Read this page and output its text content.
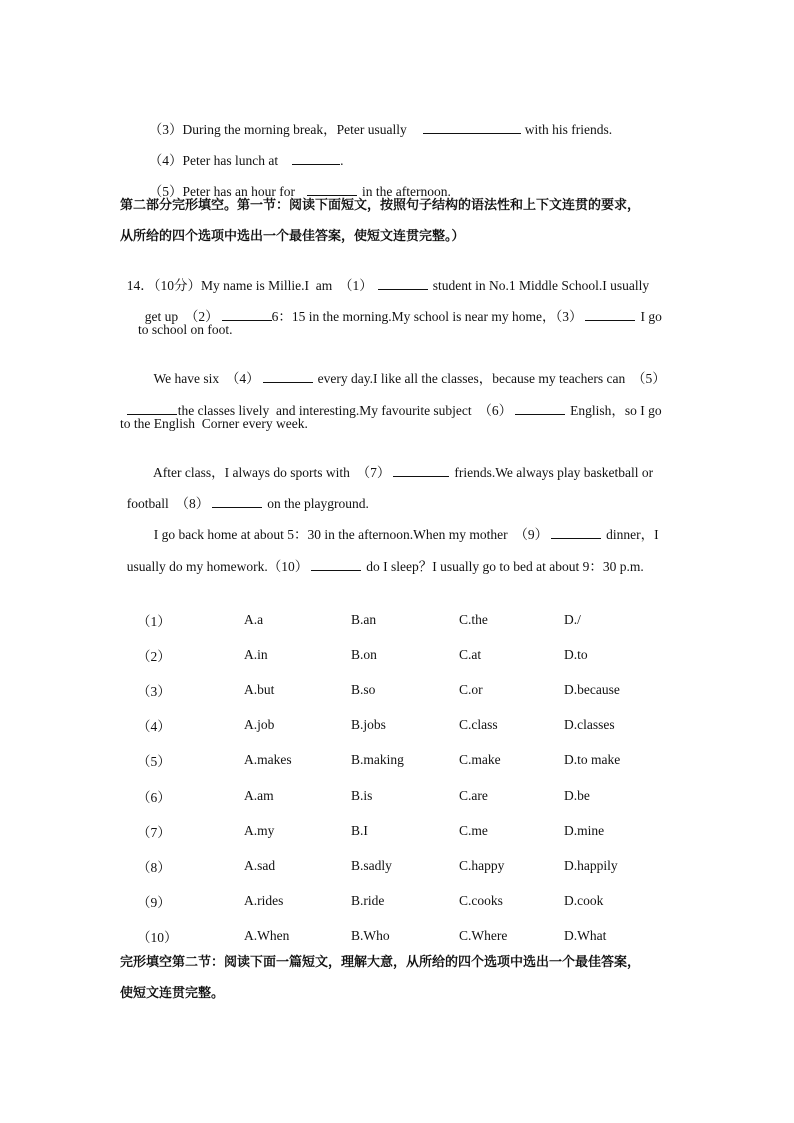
（3）During the morning break，Peter usually	with his friends.

（4）Peter has lunch at	.

（5）Peter has an hour for	in the afternoon.

第二部分完形填空。第一节：阅读下面短文，按照句子结构的语法性和上下文连贯的要求，
从所给的四个选项中选出一个最佳答案，使短文连贯完整。）

14．（10分）My name is Millie.I  am  （1）	student in No.1 Middle School.I usually

get up  （2）	6：15 in the morning.My school is near my home，（3）	I go

to school on foot.

We have six  （4）	every day.I like all the classes，because my teachers can  （5）

the classes lively  and interesting.My favourite subject  （6）	English，so I go

to the English  Corner every week.

After class，I always do sports with  （7）	friends.We always play basketball or

football  （8）	on the playground.

I go back home at about 5：30 in the afternoon.When my mother  （9）	dinner，I

usually do my homework.（10）	do I sleep？I usually go to bed at about 9：30 p.m.

（1）	A.a	B.an	C.the	D./
（2）	A.in	B.on	C.at	D.to
（3）	A.but	B.so	C.or	D.because
（4）	A.job	B.jobs	C.class	D.classes
（5）	A.makes	B.making	C.make	D.to make
（6）	A.am	B.is	C.are	D.be
（7）	A.my	B.I	C.me	D.mine
（8）	A.sad	B.sadly	C.happy	D.happily
（9）	A.rides	B.ride	C.cooks	D.cook
（10）	A.When	B.Who	C.Where	D.What
完形填空第二节：阅读下面一篇短文，理解大意，从所给的四个选项中选出一个最佳答案，
使短文连贯完整。
